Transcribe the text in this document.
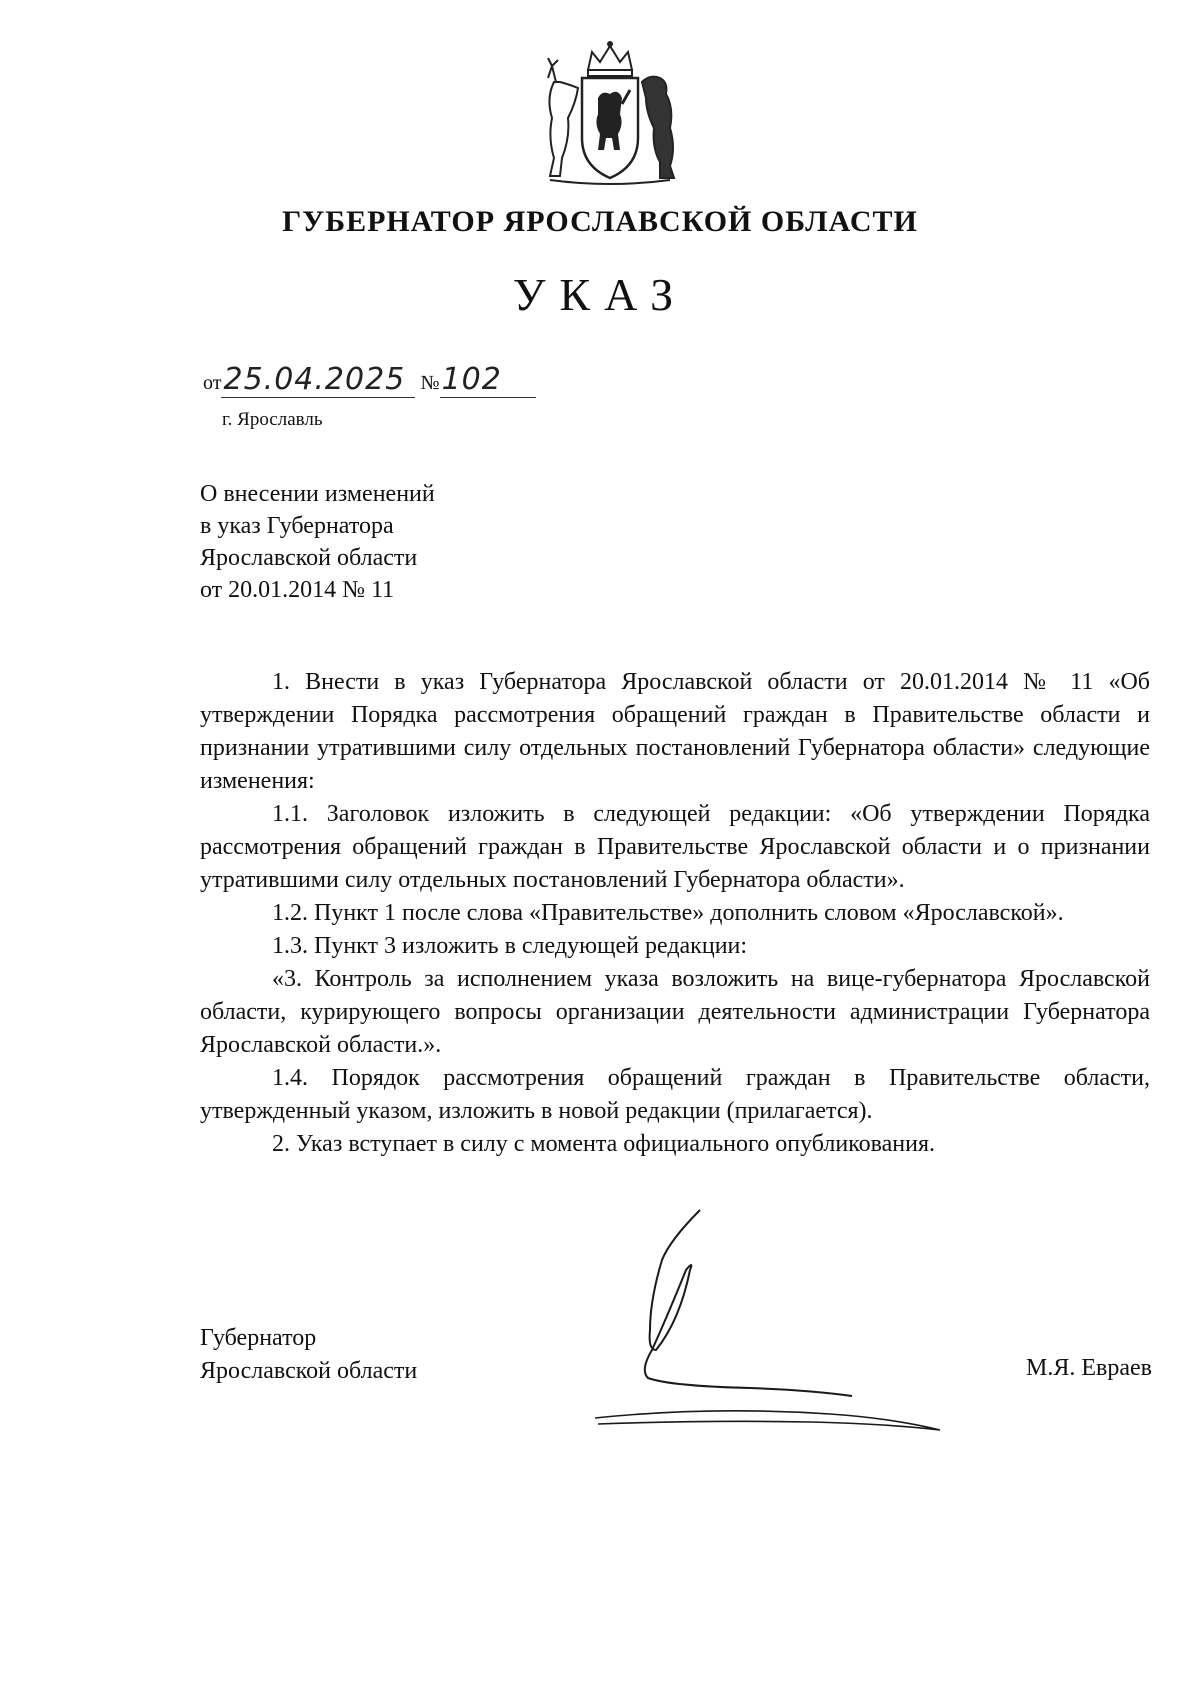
ГУБЕРНАТОР ЯРОСЛАВСКОЙ ОБЛАСТИ
УКАЗ
от25.04.2025 №102
г. Ярославль
О внесении изменений
в указ Губернатора
Ярославской области
от 20.01.2014 № 11

1. Внести в указ Губернатора Ярославской области от 20.01.2014 № 11 «Об утверждении Порядка рассмотрения обращений граждан в Правительстве области и признании утратившими силу отдельных постановлений Губернатора области» следующие изменения:

1.1. Заголовок изложить в следующей редакции: «Об утверждении Порядка рассмотрения обращений граждан в Правительстве Ярославской области и о признании утратившими силу отдельных постановлений Губернатора области».

1.2. Пункт 1 после слова «Правительстве» дополнить словом «Ярославской».

1.3. Пункт 3 изложить в следующей редакции:

«3. Контроль за исполнением указа возложить на вице-губернатора Ярославской области, курирующего вопросы организации деятельности администрации Губернатора Ярославской области.».

1.4. Порядок рассмотрения обращений граждан в Правительстве области, утвержденный указом, изложить в новой редакции (прилагается).

2. Указ вступает в силу с момента официального опубликования.

Губернатор
Ярославской области	М.Я. Евраев
